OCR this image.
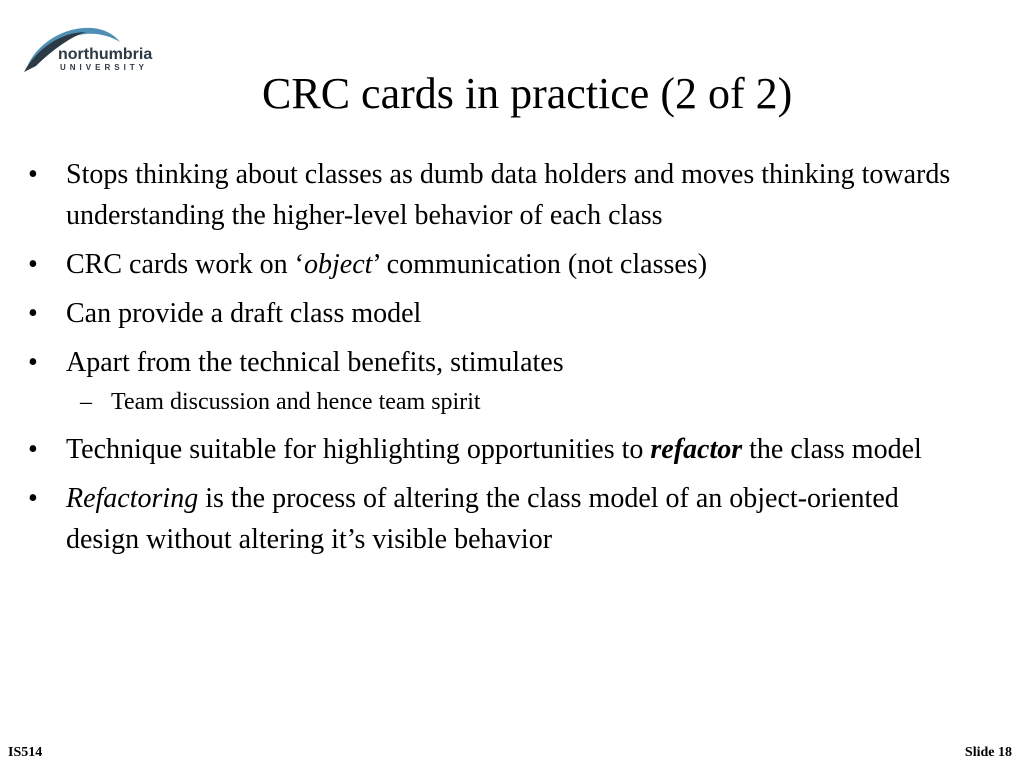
northumbria
UNIVERSITY
CRC cards in practice (2 of 2)
• Stops thinking about classes as dumb data holders and moves thinking towards understanding the higher-level behavior of each class
• CRC cards work on ‘object’ communication (not classes)
• Can provide a draft class model
• Apart from the technical benefits, stimulates
– Team discussion and hence team spirit
• Technique suitable for highlighting opportunities to refactor the class model
• Refactoring is the process of altering the class model of an object-oriented design without altering it’s visible behavior
IS514	Slide 18
